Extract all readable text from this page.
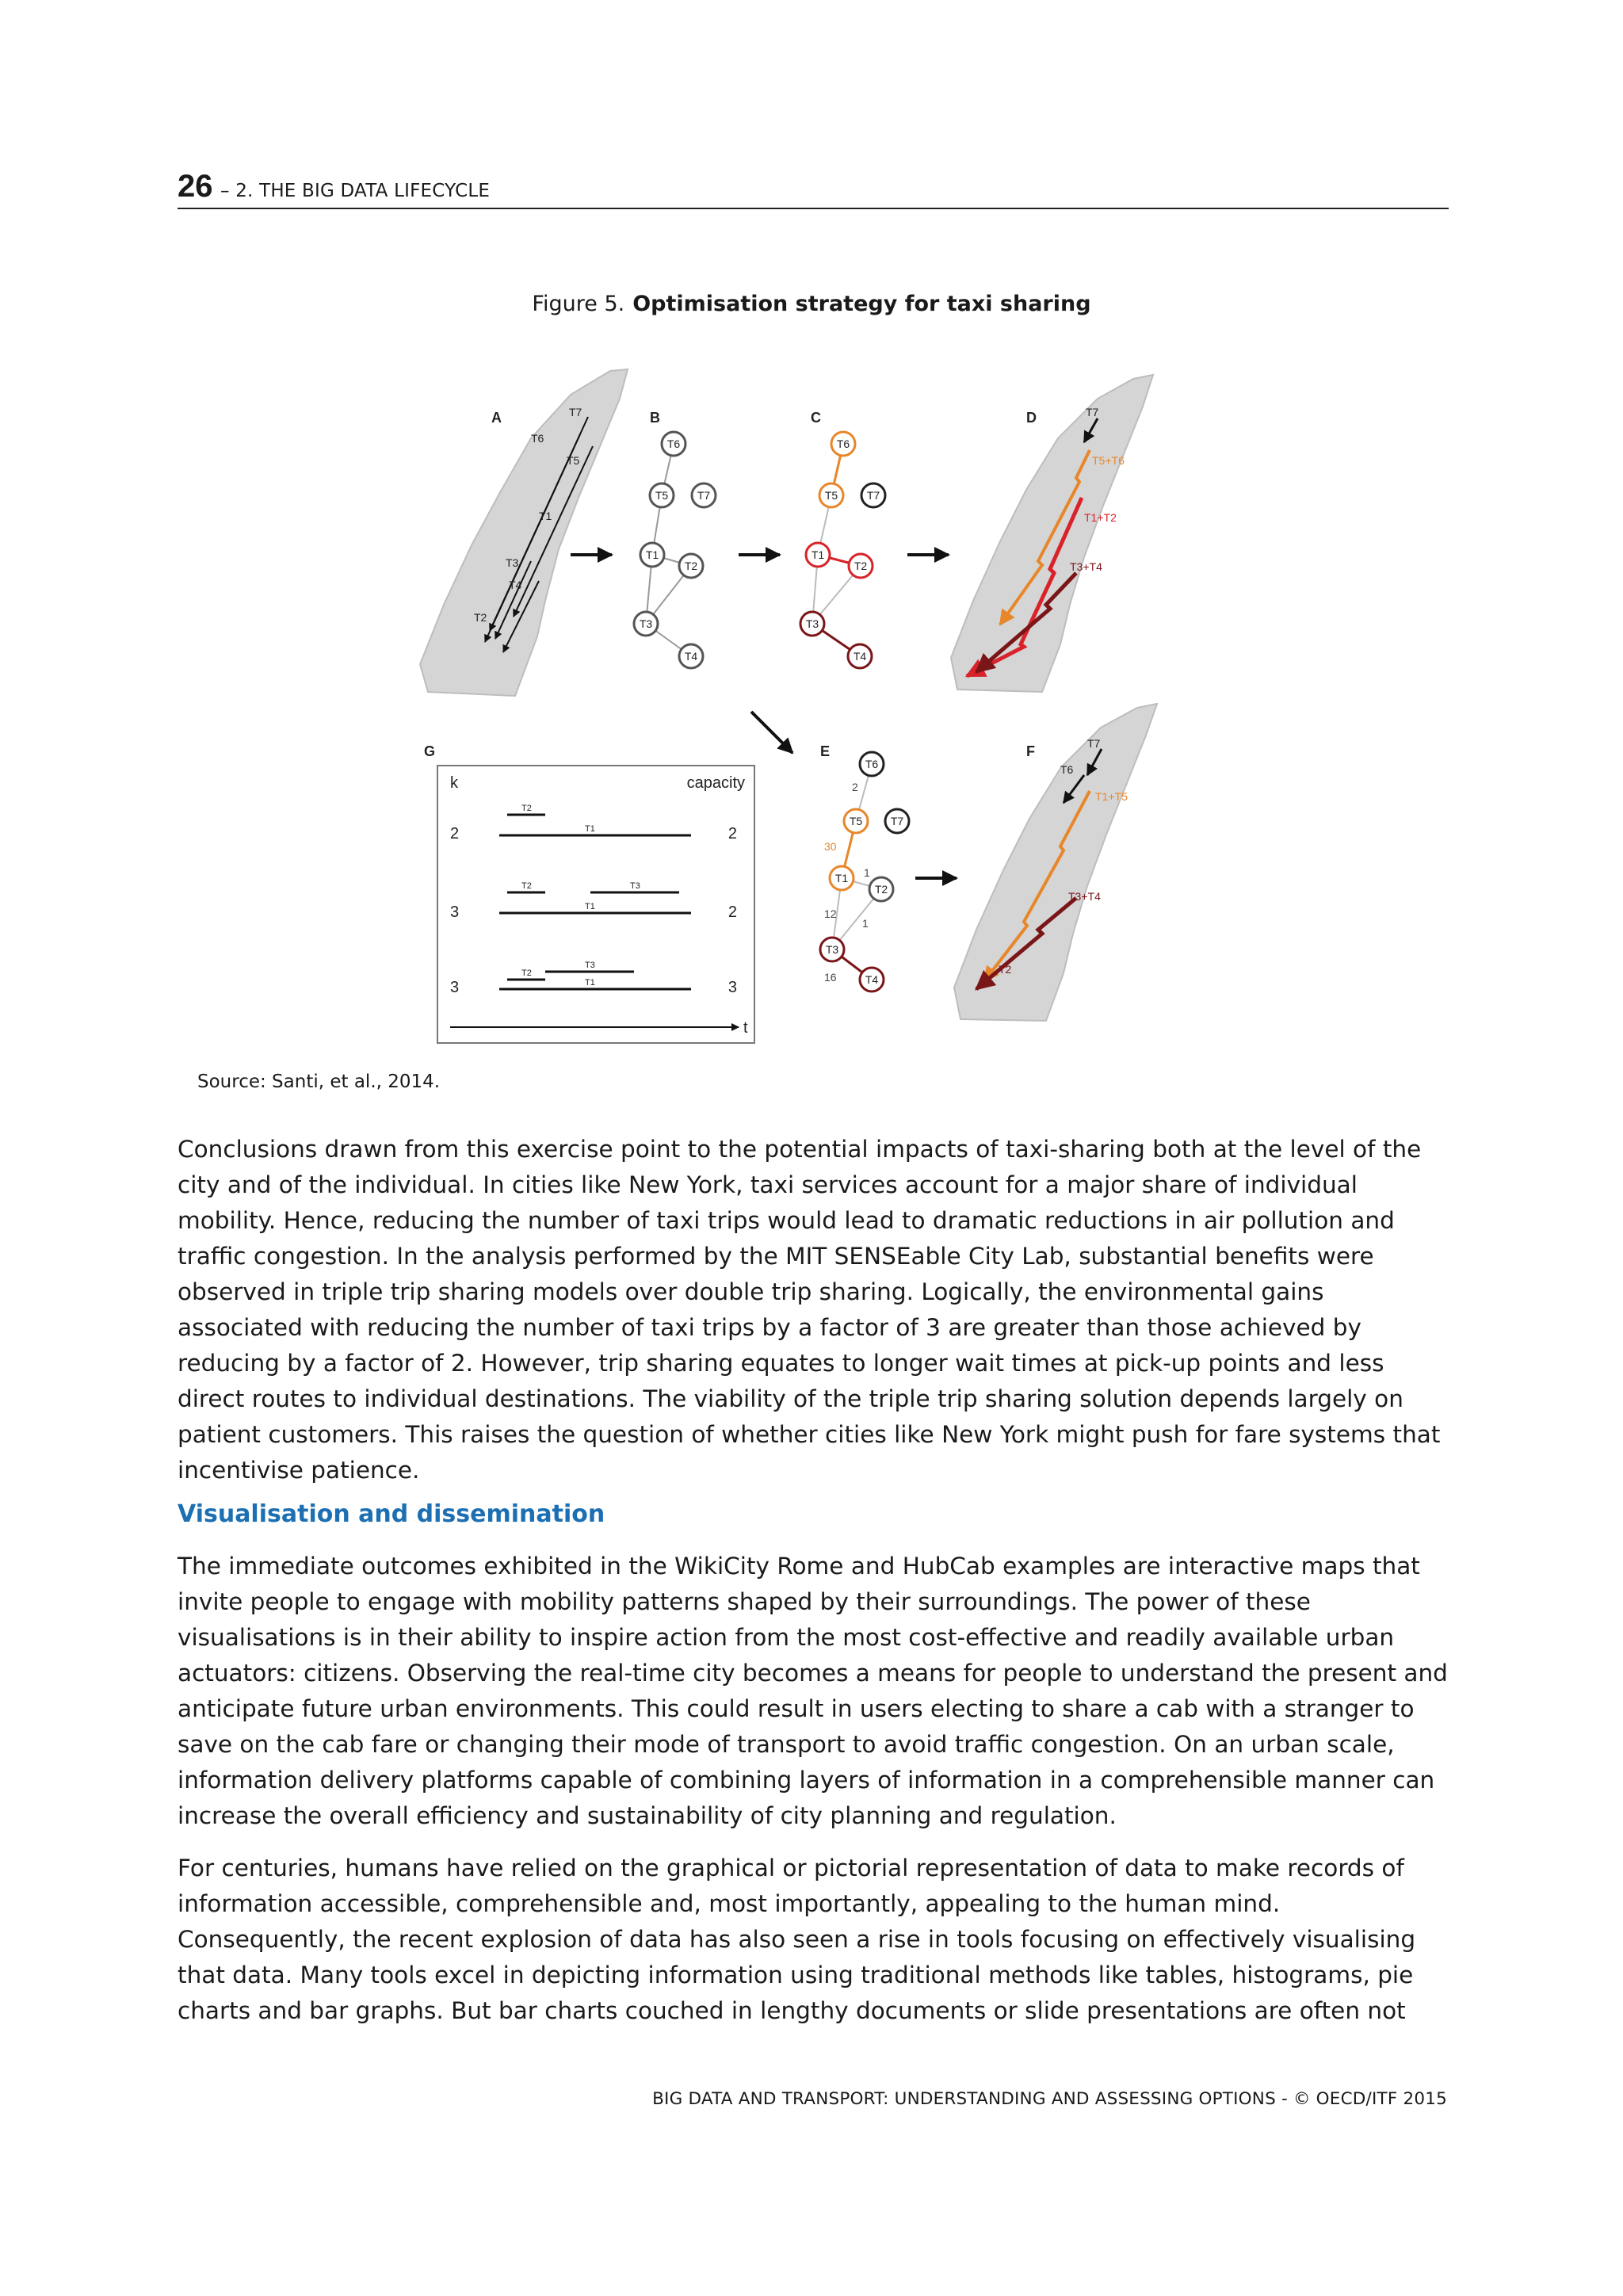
26 – 2. THE BIG DATA LIFECYCLE
Figure 5. Optimisation strategy for taxi sharing
A	T7
T6
T5
T1
T3
T4
T2
B
T6
T5	T7
T1
T2
T3
T4
C
T6
T5	T7
T1
T2
T3
T4
D	T7
T5+T6
T1+T2
T3+T4
G
k	capacity
2	2
T2
T1
3	2
T2	T3
T1
3	3
T3
T2
T1
t
E
T6
T5	T7
T1
T2
T3
T4
2
30
1
12
1
16
F	T7
T6
T1+T5
T3+T4
T2
Source: Santi, et al., 2014.
Conclusions drawn from this exercise point to the potential impacts of taxi-sharing both at the level of the
city and of the individual. In cities like New York, taxi services account for a major share of individual
mobility. Hence, reducing the number of taxi trips would lead to dramatic reductions in air pollution and
traffic congestion. In the analysis performed by the MIT SENSEable City Lab, substantial benefits were
observed in triple trip sharing models over double trip sharing. Logically, the environmental gains
associated with reducing the number of taxi trips by a factor of 3 are greater than those achieved by
reducing by a factor of 2. However, trip sharing equates to longer wait times at pick-up points and less
direct routes to individual destinations. The viability of the triple trip sharing solution depends largely on
patient customers. This raises the question of whether cities like New York might push for fare systems that
incentivise patience.
Visualisation and dissemination
The immediate outcomes exhibited in the WikiCity Rome and HubCab examples are interactive maps that
invite people to engage with mobility patterns shaped by their surroundings. The power of these
visualisations is in their ability to inspire action from the most cost-effective and readily available urban
actuators: citizens. Observing the real-time city becomes a means for people to understand the present and
anticipate future urban environments. This could result in users electing to share a cab with a stranger to
save on the cab fare or changing their mode of transport to avoid traffic congestion. On an urban scale,
information delivery platforms capable of combining layers of information in a comprehensible manner can
increase the overall efficiency and sustainability of city planning and regulation.
For centuries, humans have relied on the graphical or pictorial representation of data to make records of
information accessible, comprehensible and, most importantly, appealing to the human mind.
Consequently, the recent explosion of data has also seen a rise in tools focusing on effectively visualising
that data. Many tools excel in depicting information using traditional methods like tables, histograms, pie
charts and bar graphs. But bar charts couched in lengthy documents or slide presentations are often not
BIG DATA AND TRANSPORT: UNDERSTANDING AND ASSESSING OPTIONS - © OECD/ITF 2015
